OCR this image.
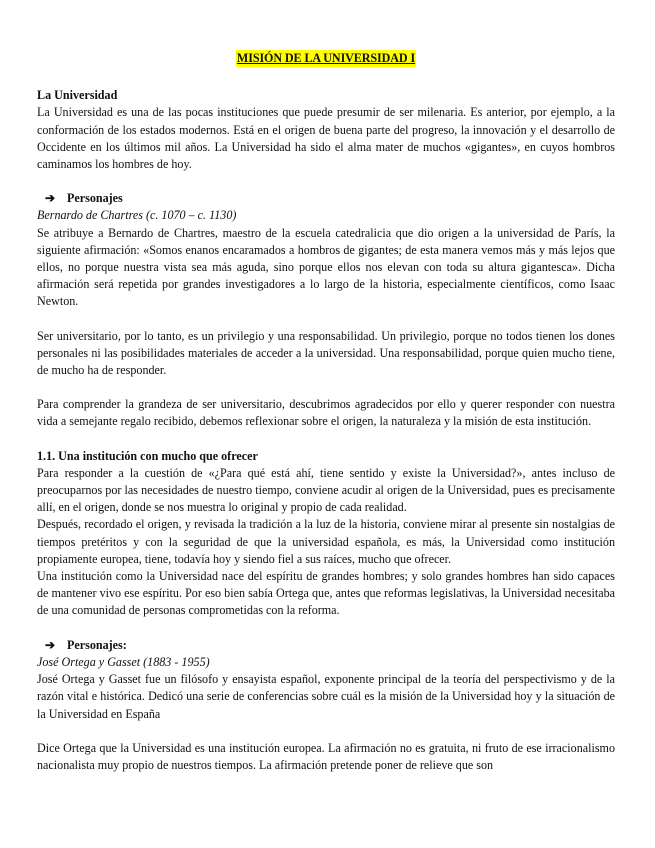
MISIÓN DE LA UNIVERSIDAD I
La Universidad

La Universidad es una de las pocas instituciones que puede presumir de ser milenaria. Es anterior, por ejemplo, a la conformación de los estados modernos. Está en el origen de buena parte del progreso, la innovación y el desarrollo de Occidente en los últimos mil años. La Universidad ha sido el alma mater de muchos «gigantes», en cuyos hombros caminamos los hombres de hoy.

➔ Personajes
Bernardo de Chartres (c. 1070 – c. 1130)

Se atribuye a Bernardo de Chartres, maestro de la escuela catedralicia que dio origen a la universidad de París, la siguiente afirmación: «Somos enanos encaramados a hombros de gigantes; de esta manera vemos más y más lejos que ellos, no porque nuestra vista sea más aguda, sino porque ellos nos elevan con toda su altura gigantesca». Dicha afirmación será repetida por grandes investigadores a lo largo de la historia, especialmente científicos, como Isaac Newton.

Ser universitario, por lo tanto, es un privilegio y una responsabilidad. Un privilegio, porque no todos tienen los dones personales ni las posibilidades materiales de acceder a la universidad. Una responsabilidad, porque quien mucho tiene, de mucho ha de responder.

Para comprender la grandeza de ser universitario, descubrimos agradecidos por ello y querer responder con nuestra vida a semejante regalo recibido, debemos reflexionar sobre el origen, la naturaleza y la misión de esta institución.

1.1. Una institución con mucho que ofrecer

Para responder a la cuestión de «¿Para qué está ahí, tiene sentido y existe la Universidad?», antes incluso de preocuparnos por las necesidades de nuestro tiempo, conviene acudir al origen de la Universidad, pues es precisamente allí, en el origen, donde se nos muestra lo original y propio de cada realidad.

Después, recordado el origen, y revisada la tradición a la luz de la historia, conviene mirar al presente sin nostalgias de tiempos pretéritos y con la seguridad de que la universidad española, es más, la Universidad como institución propiamente europea, tiene, todavía hoy y siendo fiel a sus raíces, mucho que ofrecer.

Una institución como la Universidad nace del espíritu de grandes hombres; y solo grandes hombres han sido capaces de mantener vivo ese espíritu. Por eso bien sabía Ortega que, antes que reformas legislativas, la Universidad necesitaba de una comunidad de personas comprometidas con la reforma.

➔ Personajes:
José Ortega y Gasset (1883 - 1955)

José Ortega y Gasset fue un filósofo y ensayista español, exponente principal de la teoría del perspectivismo y de la razón vital e histórica. Dedicó una serie de conferencias sobre cuál es la misión de la Universidad hoy y la situación de la Universidad en España

Dice Ortega que la Universidad es una institución europea. La afirmación no es gratuita, ni fruto de ese irracionalismo nacionalista muy propio de nuestros tiempos. La afirmación pretende poner de relieve que son
